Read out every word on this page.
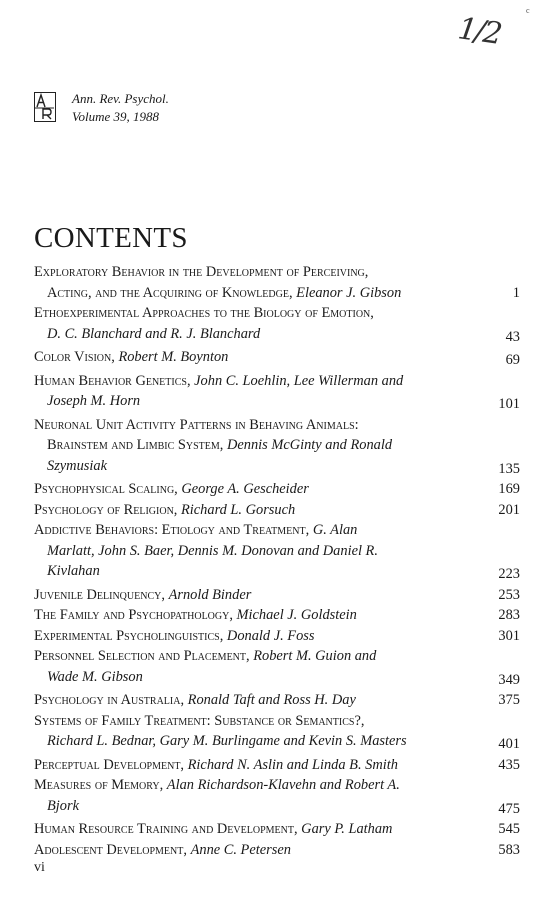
1/2
c
Ann. Rev. Psychol.
Volume 39, 1988
CONTENTS
Exploratory Behavior in the Development of Perceiving,
Acting, and the Acquiring of Knowledge, Eleanor J. Gibson	1
Ethoexperimental Approaches to the Biology of Emotion,
D. C. Blanchard and R. J. Blanchard	43
Color Vision, Robert M. Boynton	69
Human Behavior Genetics, John C. Loehlin, Lee Willerman and
Joseph M. Horn	101
Neuronal Unit Activity Patterns in Behaving Animals:
Brainstem and Limbic System, Dennis McGinty and Ronald
Szymusiak	135
Psychophysical Scaling, George A. Gescheider	169
Psychology of Religion, Richard L. Gorsuch	201
Addictive Behaviors: Etiology and Treatment, G. Alan
Marlatt, John S. Baer, Dennis M. Donovan and Daniel R.
Kivlahan	223
Juvenile Delinquency, Arnold Binder	253
The Family and Psychopathology, Michael J. Goldstein	283
Experimental Psycholinguistics, Donald J. Foss	301
Personnel Selection and Placement, Robert M. Guion and
Wade M. Gibson	349
Psychology in Australia, Ronald Taft and Ross H. Day	375
Systems of Family Treatment: Substance or Semantics?,
Richard L. Bednar, Gary M. Burlingame and Kevin S. Masters	401
Perceptual Development, Richard N. Aslin and Linda B. Smith	435
Measures of Memory, Alan Richardson-Klavehn and Robert A.
Bjork	475
Human Resource Training and Development, Gary P. Latham	545
Adolescent Development, Anne C. Petersen	583
vi
